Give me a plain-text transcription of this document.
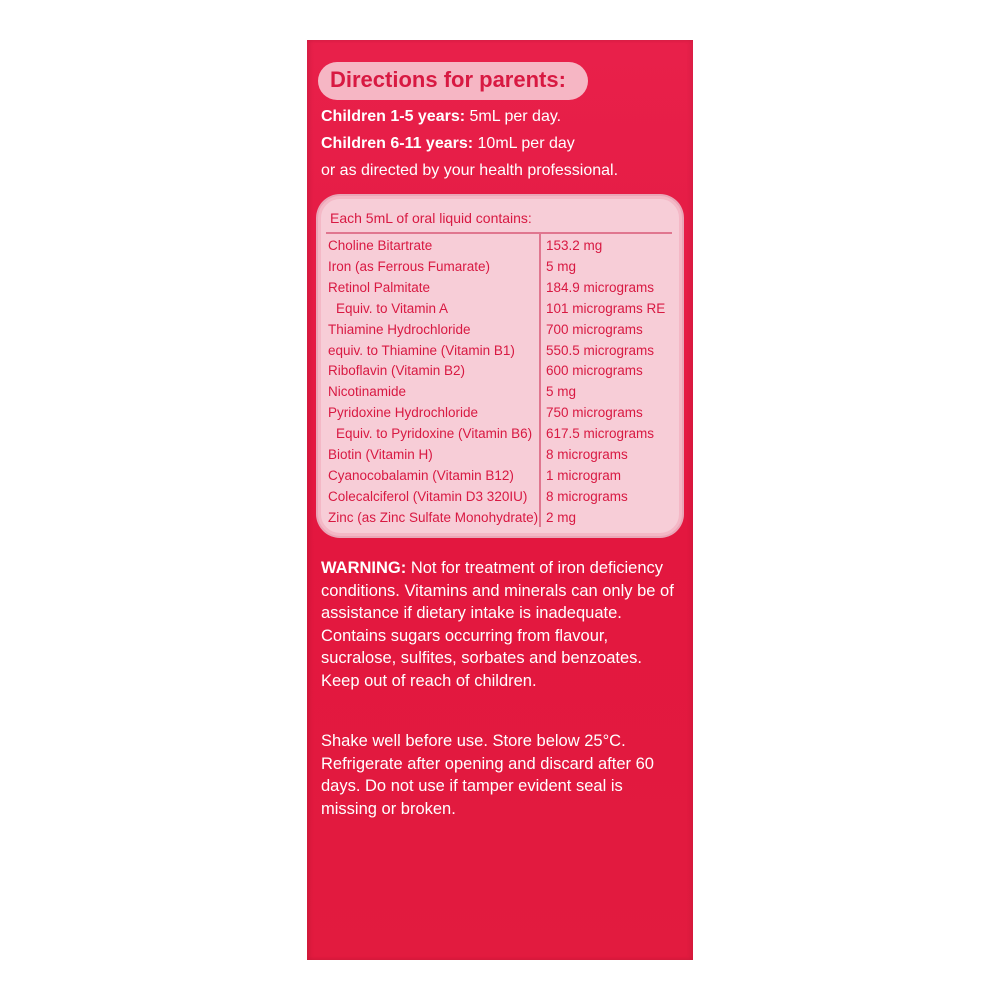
Directions for parents:
Children 1-5 years: 5mL per day.
Children 6-11 years: 10mL per day
or as directed by your health professional.
Each 5mL of oral liquid contains:
Choline Bitartrate	153.2 mg
Iron (as Ferrous Fumarate)	5 mg
Retinol Palmitate	184.9 micrograms
Equiv. to Vitamin A	101 micrograms RE
Thiamine Hydrochloride	700 micrograms
equiv. to Thiamine (Vitamin B1) 550.5 micrograms
Riboflavin (Vitamin B2)	600 micrograms
Nicotinamide	5 mg
Pyridoxine Hydrochloride	750 micrograms
Equiv. to Pyridoxine (Vitamin B6) 617.5 micrograms
Biotin (Vitamin H)	8 micrograms
Cyanocobalamin (Vitamin B12) 1 microgram
Colecalciferol (Vitamin D3 320IU) 8 micrograms
Zinc (as Zinc Sulfate Monohydrate) 2 mg
WARNING: Not for treatment of iron deficiency conditions. Vitamins and minerals can only be of assistance if dietary intake is inadequate. Contains sugars occurring from flavour, sucralose, sulfites, sorbates and benzoates. Keep out of reach of children.
Shake well before use. Store below 25°C. Refrigerate after opening and discard after 60 days. Do not use if tamper evident seal is missing or broken.
